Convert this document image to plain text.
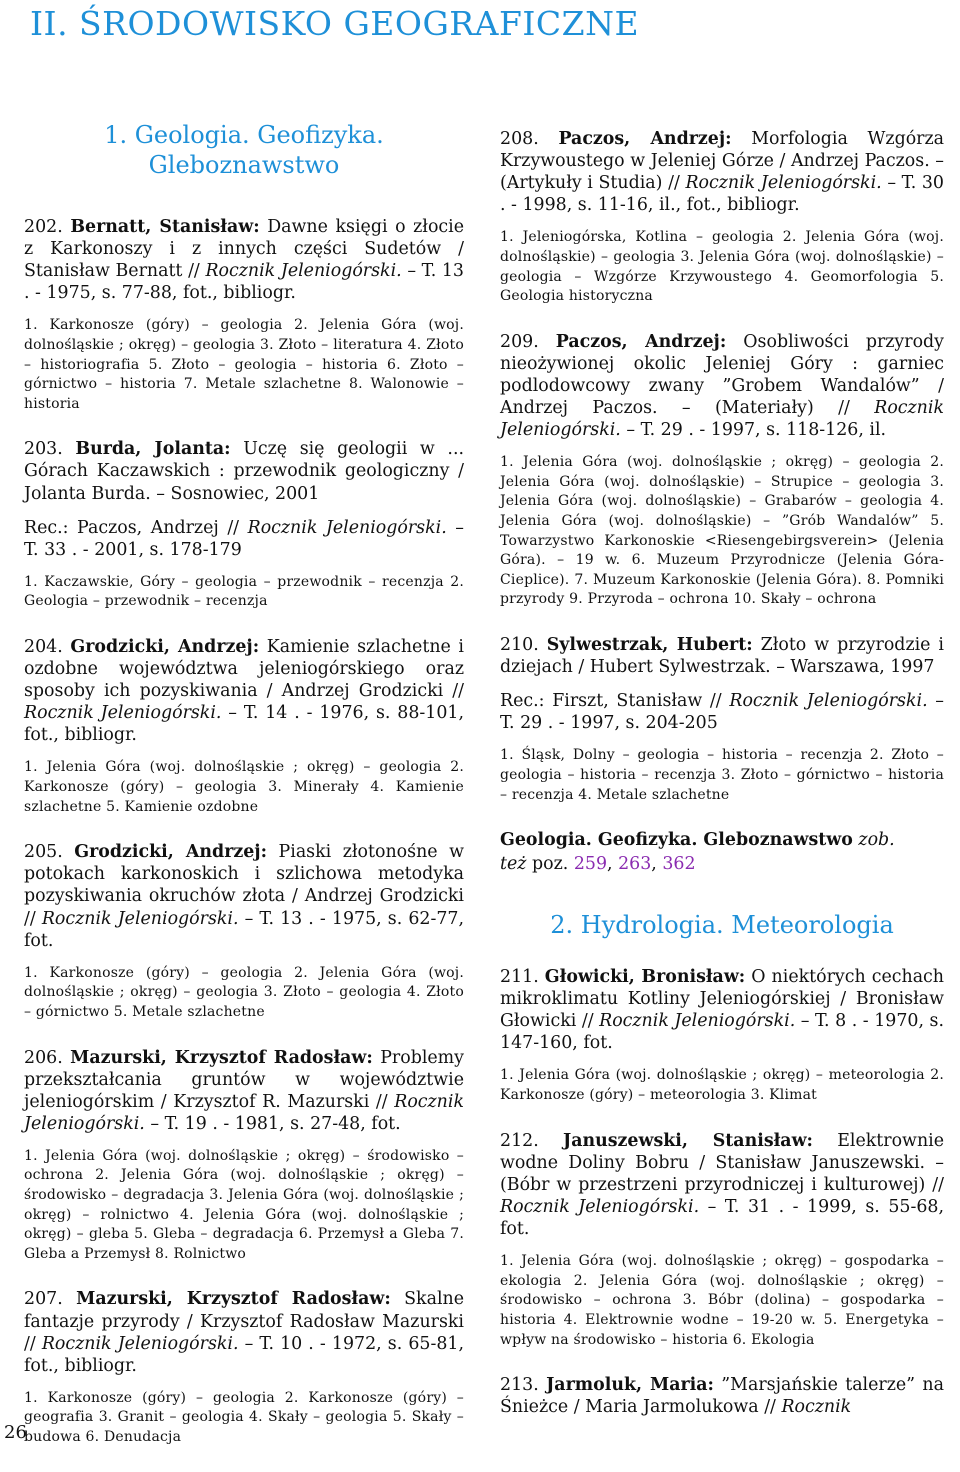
II. ŚRODOWISKO GEOGRAFICZNE
1. Geologia. Geofizyka. Gleboznawstwo

202. Bernatt, Stanisław: Dawne księgi o złocie z Karkonoszy i z innych części Sudetów / Stanisław Bernatt // Rocznik Jeleniogórski. – T. 13 . - 1975, s. 77-88, fot., bibliogr.

1. Karkonosze (góry) – geologia 2. Jelenia Góra (woj. dolnośląskie ; okręg) – geologia 3. Złoto – literatura 4. Złoto – historiografia 5. Złoto – geologia – historia 6. Złoto – górnictwo – historia 7. Metale szlachetne 8. Walonowie – historia

203. Burda, Jolanta: Uczę się geologii w ... Górach Kaczawskich : przewodnik geologiczny / Jolanta Burda. – Sosnowiec, 2001

Rec.: Paczos, Andrzej // Rocznik Jeleniogórski. – T. 33 . - 2001, s. 178-179

1. Kaczawskie, Góry – geologia – przewodnik – recenzja 2. Geologia – przewodnik – recenzja

204. Grodzicki, Andrzej: Kamienie szlachetne i ozdobne województwa jeleniogórskiego oraz sposoby ich pozyskiwania / Andrzej Grodzicki // Rocznik Jeleniogórski. – T. 14 . - 1976, s. 88-101, fot., bibliogr.

1. Jelenia Góra (woj. dolnośląskie ; okręg) – geologia 2. Karkonosze (góry) – geologia 3. Minerały 4. Kamienie szlachetne 5. Kamienie ozdobne

205. Grodzicki, Andrzej: Piaski złotonośne w potokach karkonoskich i szlichowa metodyka pozyskiwania okruchów złota / Andrzej Grodzicki // Rocznik Jeleniogórski. – T. 13 . - 1975, s. 62-77, fot.

1. Karkonosze (góry) – geologia 2. Jelenia Góra (woj. dolnośląskie ; okręg) – geologia 3. Złoto – geologia 4. Złoto – górnictwo 5. Metale szlachetne

206. Mazurski, Krzysztof Radosław: Problemy przekształcania gruntów w województwie jeleniogórskim / Krzysztof R. Mazurski // Rocznik Jeleniogórski. – T. 19 . - 1981, s. 27-48, fot.

1. Jelenia Góra (woj. dolnośląskie ; okręg) – środowisko – ochrona 2. Jelenia Góra (woj. dolnośląskie ; okręg) – środowisko – degradacja 3. Jelenia Góra (woj. dolnośląskie ; okręg) – rolnictwo 4. Jelenia Góra (woj. dolnośląskie ; okręg) – gleba 5. Gleba – degradacja 6. Przemysł a Gleba 7. Gleba a Przemysł 8. Rolnictwo

207. Mazurski, Krzysztof Radosław: Skalne fantazje przyrody / Krzysztof Radosław Mazurski // Rocznik Jeleniogórski. – T. 10 . - 1972, s. 65-81, fot., bibliogr.

1. Karkonosze (góry) – geologia 2. Karkonosze (góry) – geografia 3. Granit – geologia 4. Skały – geologia 5. Skały – budowa 6. Denudacja

208. Paczos, Andrzej: Morfologia Wzgórza Krzywoustego w Jeleniej Górze / Andrzej Paczos. – (Artykuły i Studia) // Rocznik Jeleniogórski. – T. 30 . - 1998, s. 11-16, il., fot., bibliogr.

1. Jeleniogórska, Kotlina – geologia 2. Jelenia Góra (woj. dolnośląskie) – geologia 3. Jelenia Góra (woj. dolnośląskie) – geologia – Wzgórze Krzywoustego 4. Geomorfologia 5. Geologia historyczna

209. Paczos, Andrzej: Osobliwości przyrody nieożywionej okolic Jeleniej Góry : garniec podlodowcowy zwany ”Grobem Wandalów” / Andrzej Paczos. – (Materiały) // Rocznik Jeleniogórski. – T. 29 . - 1997, s. 118-126, il.

1. Jelenia Góra (woj. dolnośląskie ; okręg) – geologia 2. Jelenia Góra (woj. dolnośląskie) – Strupice – geologia 3. Jelenia Góra (woj. dolnośląskie) – Grabarów – geologia 4. Jelenia Góra (woj. dolnośląskie) – ”Grób Wandalów” 5. Towarzystwo Karkonoskie <Riesengebirgsverein> (Jelenia Góra). – 19 w. 6. Muzeum Przyrodnicze (Jelenia Góra-Cieplice). 7. Muzeum Karkonoskie (Jelenia Góra). 8. Pomniki przyrody 9. Przyroda – ochrona 10. Skały – ochrona

210. Sylwestrzak, Hubert: Złoto w przyrodzie i dziejach / Hubert Sylwestrzak. – Warszawa, 1997

Rec.: Firszt, Stanisław // Rocznik Jeleniogórski. – T. 29 . - 1997, s. 204-205

1. Śląsk, Dolny – geologia – historia – recenzja 2. Złoto – geologia – historia – recenzja 3. Złoto – górnictwo – historia – recenzja 4. Metale szlachetne

Geologia. Geofizyka. Gleboznawstwo zob.
też poz. 259, 263, 362

2. Hydrologia. Meteorologia

211. Głowicki, Bronisław: O niektórych cechach mikroklimatu Kotliny Jeleniogórskiej / Bronisław Głowicki // Rocznik Jeleniogórski. – T. 8 . - 1970, s. 147-160, fot.

1. Jelenia Góra (woj. dolnośląskie ; okręg) – meteorologia 2. Karkonosze (góry) – meteorologia 3. Klimat

212. Januszewski, Stanisław: Elektrownie wodne Doliny Bobru / Stanisław Januszewski. – (Bóbr w przestrzeni przyrodniczej i kulturowej) // Rocznik Jeleniogórski. – T. 31 . - 1999, s. 55-68, fot.

1. Jelenia Góra (woj. dolnośląskie ; okręg) – gospodarka – ekologia 2. Jelenia Góra (woj. dolnośląskie ; okręg) – środowisko – ochrona 3. Bóbr (dolina) – gospodarka – historia 4. Elektrownie wodne – 19-20 w. 5. Energetyka – wpływ na środowisko – historia 6. Ekologia

213. Jarmoluk, Maria: ”Marsjańskie talerze” na Śnieżce / Maria Jarmolukowa // Rocznik

26
